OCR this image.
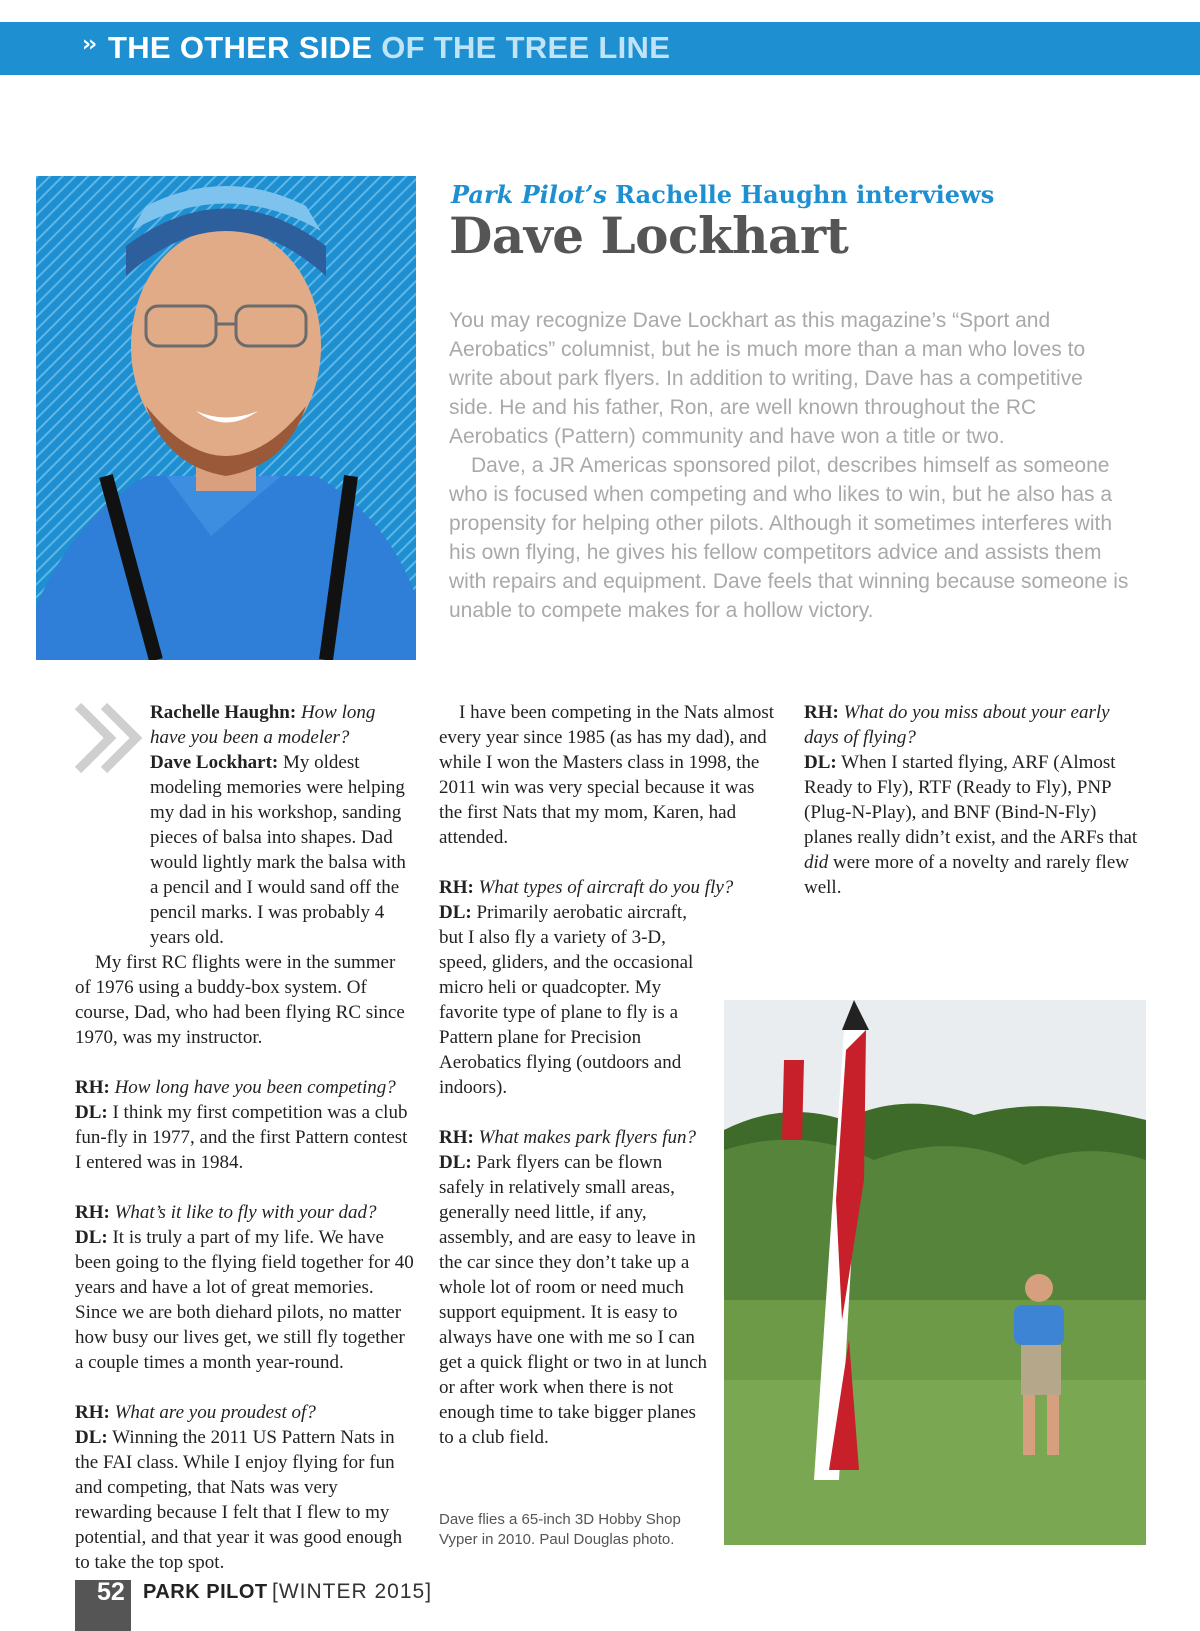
›› THE OTHER SIDE OF THE TREE LINE
Park Pilot’s Rachelle Haughn interviews
Dave Lockhart

You may recognize Dave Lockhart as this magazine’s “Sport and Aerobatics” columnist, but he is much more than a man who loves to write about park flyers. In addition to writing, Dave has a competitive side. He and his father, Ron, are well known throughout the RC Aerobatics (Pattern) community and have won a title or two.

Dave, a JR Americas sponsored pilot, describes himself as someone who is focused when competing and who likes to win, but he also has a propensity for helping other pilots. Although it sometimes interferes with his own flying, he gives his fellow competitors advice and assists them with repairs and equipment. Dave feels that winning because someone is unable to compete makes for a hollow victory.

Rachelle Haughn: How long have you been a modeler?

Dave Lockhart: My oldest modeling memories were helping my dad in his workshop, sanding pieces of balsa into shapes. Dad would lightly mark the balsa with a pencil and I would sand off the pencil marks. I was probably 4 years old.

My first RC flights were in the summer of 1976 using a buddy-box system. Of course, Dad, who had been flying RC since 1970, was my instructor.

RH: How long have you been competing?

DL: I think my first competition was a club fun-fly in 1977, and the first Pattern contest I entered was in 1984.

RH: What’s it like to fly with your dad?

DL: It is truly a part of my life. We have been going to the flying field together for 40 years and have a lot of great memories. Since we are both diehard pilots, no matter how busy our lives get, we still fly together a couple times a month year-round.

RH: What are you proudest of?

DL: Winning the 2011 US Pattern Nats in the FAI class. While I enjoy flying for fun and competing, that Nats was very rewarding because I felt that I flew to my potential, and that year it was good enough to take the top spot.

I have been competing in the Nats almost every year since 1985 (as has my dad), and while I won the Masters class in 1998, the 2011 win was very special because it was the first Nats that my mom, Karen, had attended.

RH: What types of aircraft do you fly?

DL: Primarily aerobatic aircraft, but I also fly a variety of 3-D, speed, gliders, and the occasional micro heli or quadcopter. My favorite type of plane to fly is a Pattern plane for Precision Aerobatics flying (outdoors and indoors).

RH: What makes park flyers fun?

DL: Park flyers can be flown safely in relatively small areas, generally need little, if any, assembly, and are easy to leave in the car since they don’t take up a whole lot of room or need much support equipment. It is easy to always have one with me so I can get a quick flight or two in at lunch or after work when there is not enough time to take bigger planes to a club field.

RH: What do you miss about your early days of flying?

DL: When I started flying, ARF (Almost Ready to Fly), RTF (Ready to Fly), PNP (Plug-N-Play), and BNF (Bind-N-Fly) planes really didn’t exist, and the ARFs that did were more of a novelty and rarely flew well.

Dave flies a 65-inch 3D Hobby Shop Vyper in 2010. Paul Douglas photo.
52 PARK PILOT [WINTER 2015]
